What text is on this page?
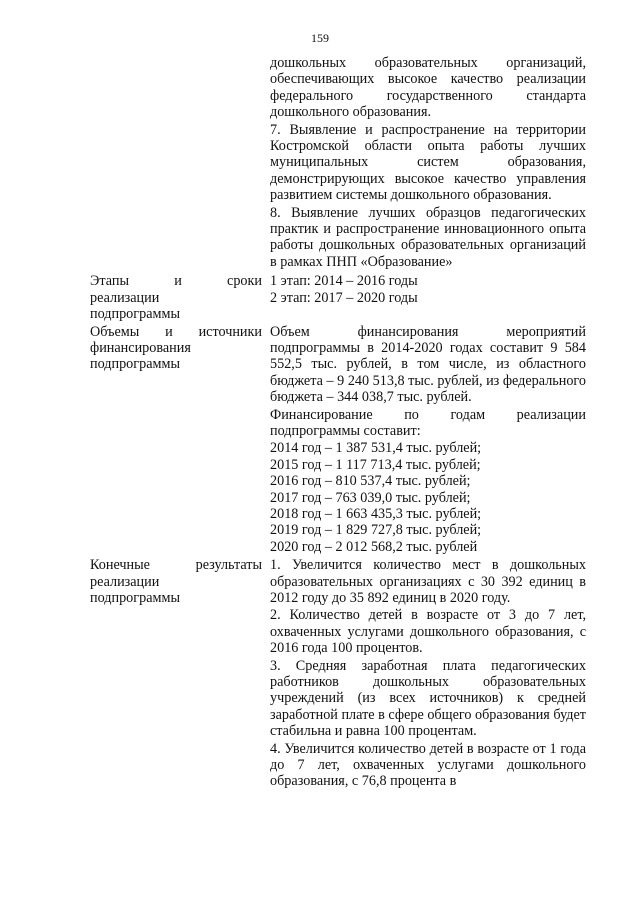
159

дошкольных образовательных организаций, обеспечивающих высокое качество реализации федерального государственного стандарта дошкольного образования.

7. Выявление и распространение на территории Костромской области опыта работы лучших муниципальных систем образования, демонстрирующих высокое качество управления развитием системы дошкольного образования.

8. Выявление лучших образцов педагогических практик и распространение инновационного опыта работы дошкольных образовательных организаций в рамках ПНП «Образование»

Этапы и сроки
реализации
подпрограммы

1 этап: 2014 – 2016 годы

2 этап: 2017 – 2020 годы

Объемы и источники
финансирования
подпрограммы

Объем финансирования мероприятий подпрограммы в 2014-2020 годах составит 9 584 552,5 тыс. рублей, в том числе, из областного бюджета – 9 240 513,8 тыс. рублей, из федерального бюджета – 344 038,7 тыс. рублей.

Финансирование по годам реализации подпрограммы составит:

2014 год – 1 387 531,4 тыс. рублей;
2015 год – 1 117 713,4 тыс. рублей;
2016 год – 810 537,4 тыс. рублей;
2017 год – 763 039,0 тыс. рублей;
2018 год – 1 663 435,3 тыс. рублей;
2019 год – 1 829 727,8 тыс. рублей;
2020 год – 2 012 568,2 тыс. рублей
Конечные результаты
реализации
подпрограммы

1. Увеличится количество мест в дошкольных образовательных организациях с 30 392 единиц в 2012 году до 35 892 единиц в 2020 году.

2. Количество детей в возрасте от 3 до 7 лет, охваченных услугами дошкольного образования, с 2016 года 100 процентов.

3. Средняя заработная плата педагогических работников дошкольных образовательных учреждений (из всех источников) к средней заработной плате в сфере общего образования будет стабильна и равна 100 процентам.

4. Увеличится количество детей в возрасте от 1 года до 7 лет, охваченных услугами дошкольного образования, с 76,8 процента в
